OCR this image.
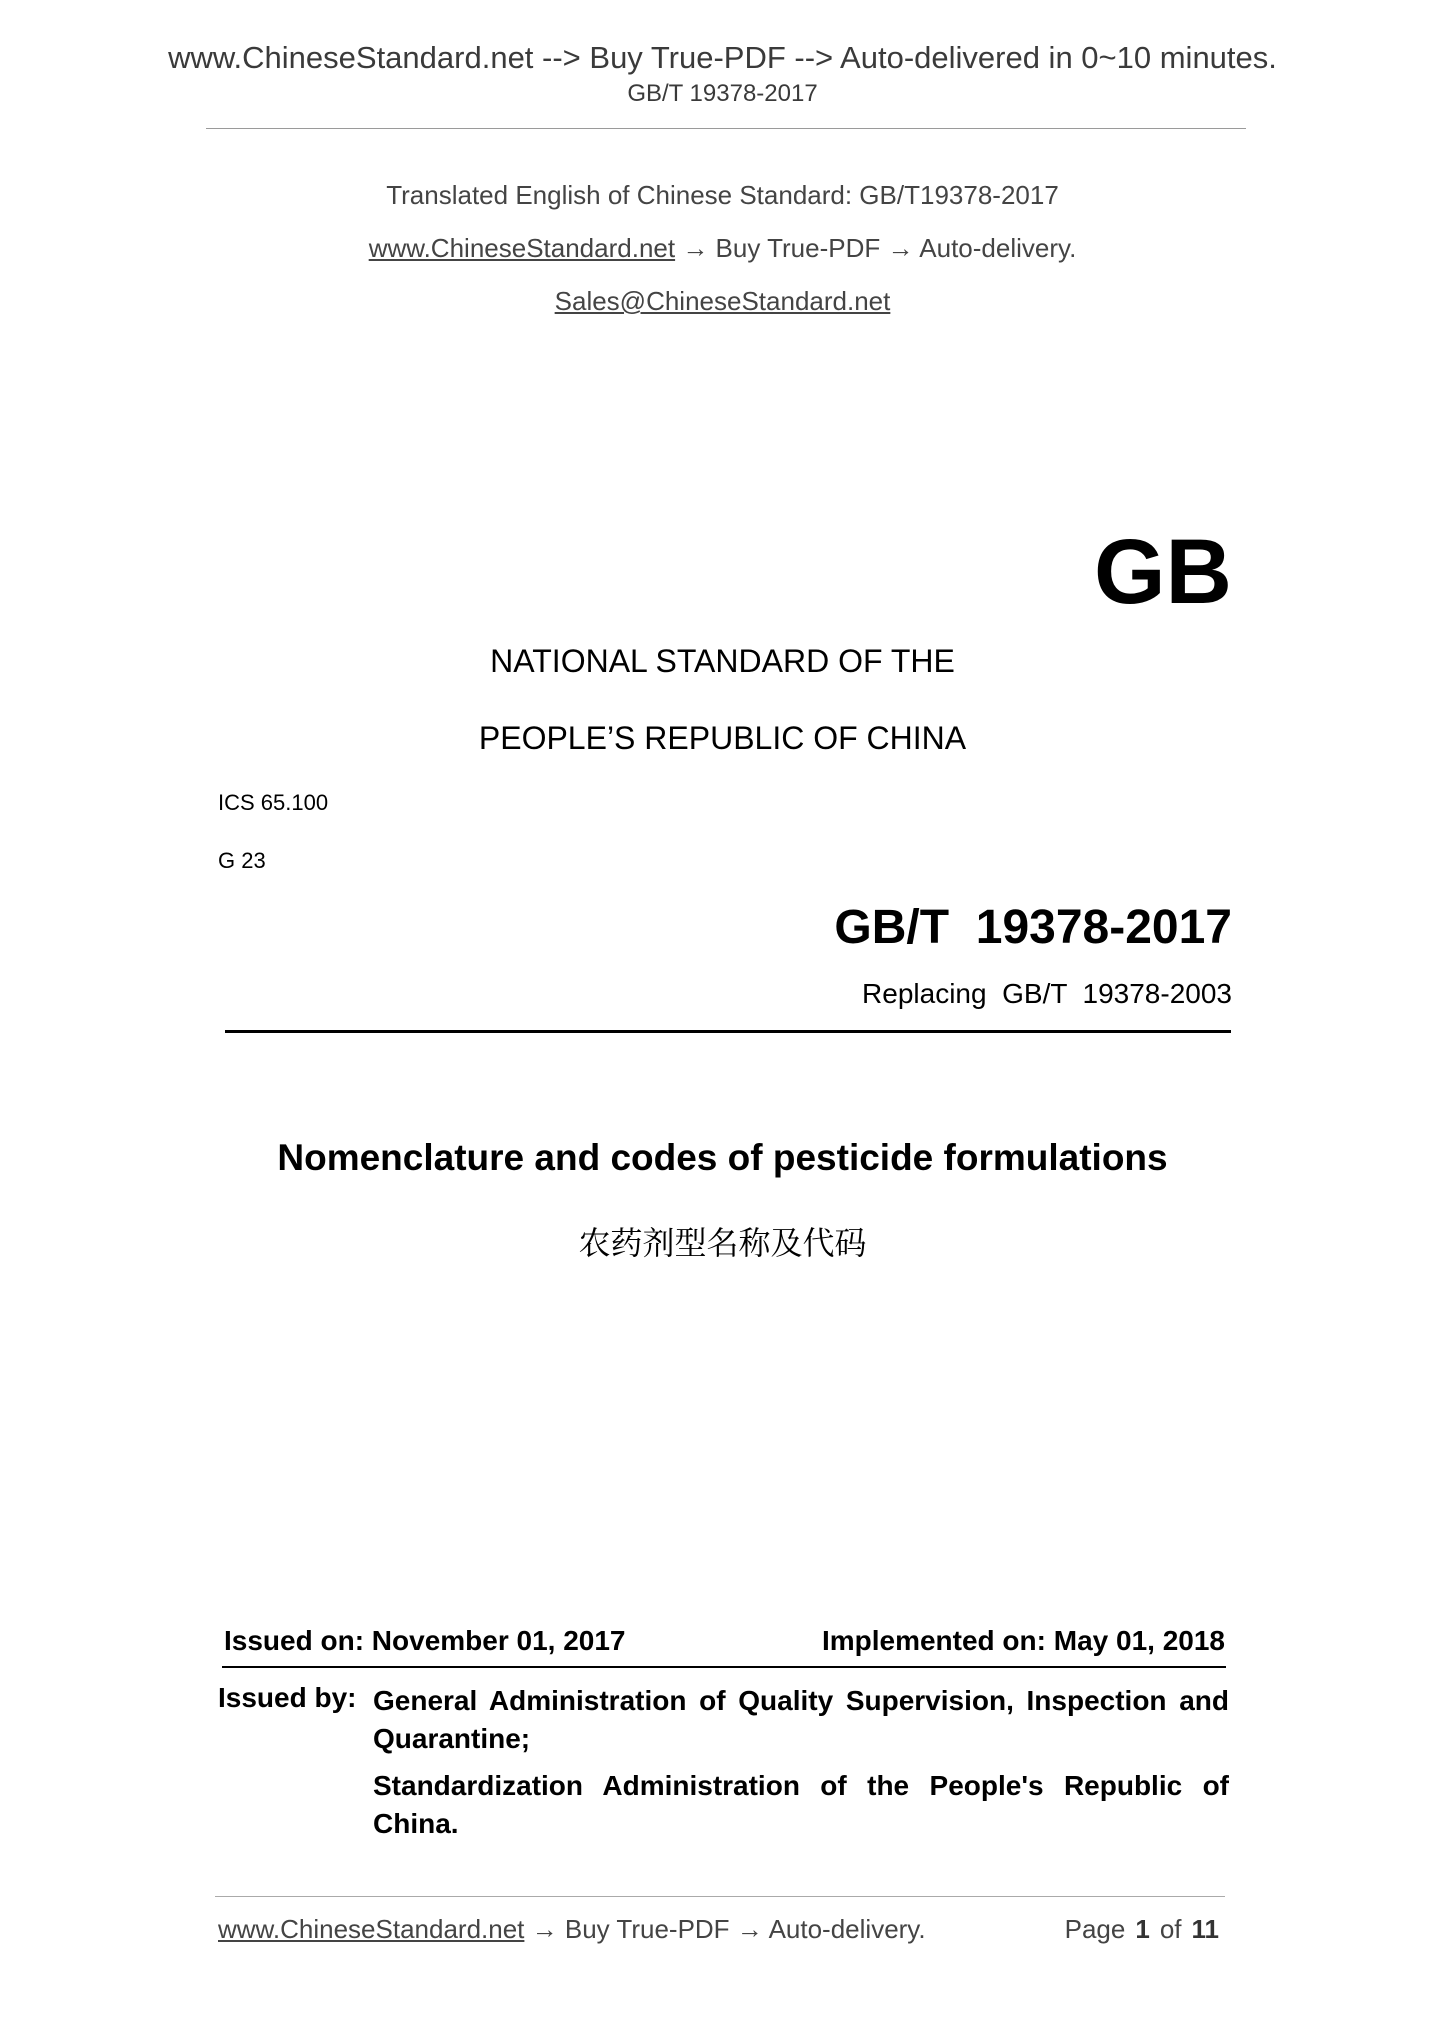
www.ChineseStandard.net --> Buy True-PDF --> Auto-delivered in 0~10 minutes.
GB/T 19378-2017
Translated English of Chinese Standard: GB/T19378-2017
www.ChineseStandard.net → Buy True-PDF → Auto-delivery.
Sales@ChineseStandard.net
GB
NATIONAL STANDARD OF THE
PEOPLE’S REPUBLIC OF CHINA
ICS 65.100
G 23
GB/T  19378-2017
Replacing  GB/T  19378-2003
Nomenclature and codes of pesticide formulations
农药剂型名称及代码
Issued on: November 01, 2017	Implemented on: May 01, 2018
Issued by: General Administration of Quality Supervision, Inspection and Quarantine;
Standardization Administration of the People's Republic of China.
www.ChineseStandard.net → Buy True-PDF → Auto-delivery.	Page 1 of 11
